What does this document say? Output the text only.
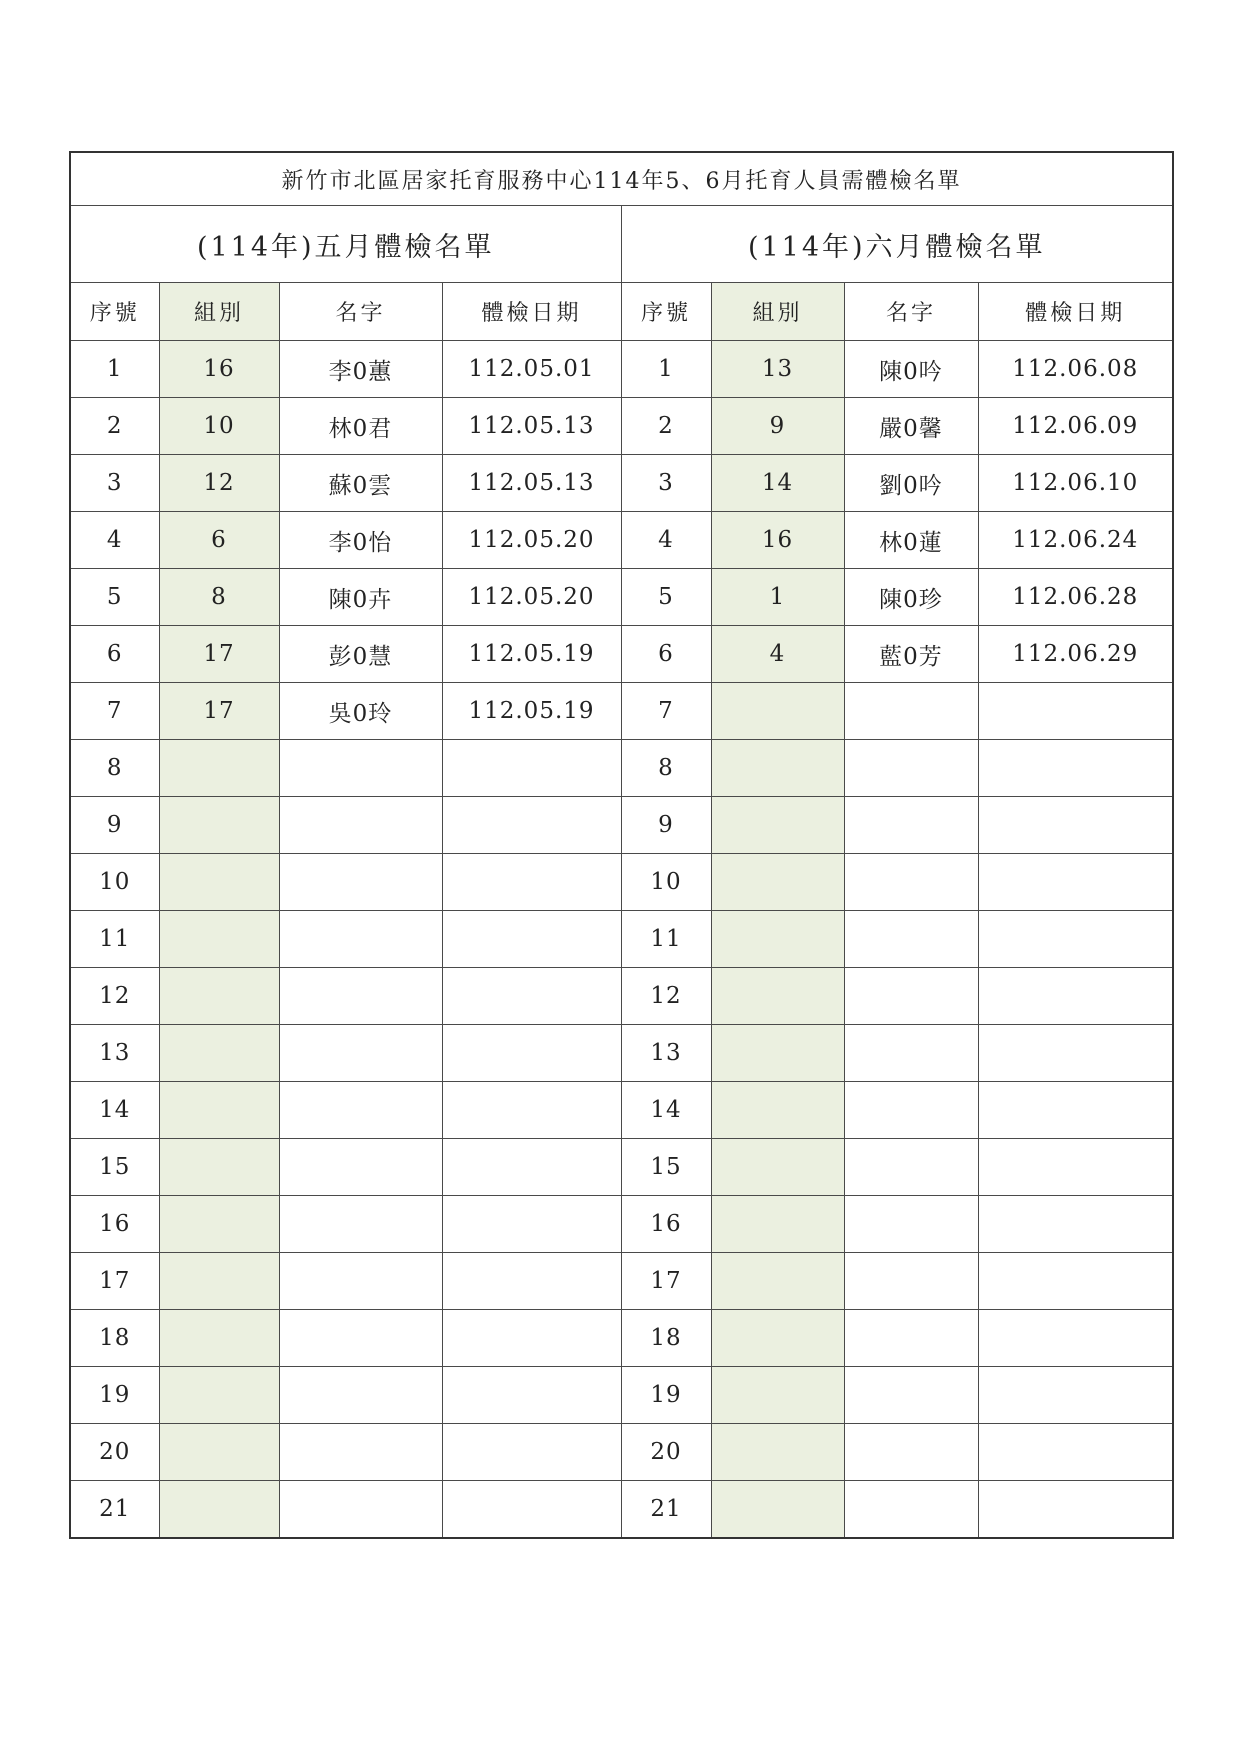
新竹市北區居家托育服務中心114年5、6月托育人員需體檢名單							
(114年)五月體檢名單				(114年)六月體檢名單			
序號	組別	名字	體檢日期	序號	組別	名字	體檢日期
1	16	李0蕙	112.05.01	1	13	陳0吟	112.06.08
2	10	林0君	112.05.13	2	9	嚴0馨	112.06.09
3	12	蘇0雲	112.05.13	3	14	劉0吟	112.06.10
4	6	李0怡	112.05.20	4	16	林0蓮	112.06.24
5	8	陳0卉	112.05.20	5	1	陳0珍	112.06.28
6	17	彭0慧	112.05.19	6	4	藍0芳	112.06.29
7	17	吳0玲	112.05.19	7			
8				8			
9				9			
10				10			
11				11			
12				12			
13				13			
14				14			
15				15			
16				16			
17				17			
18				18			
19				19			
20				20			
21				21			
